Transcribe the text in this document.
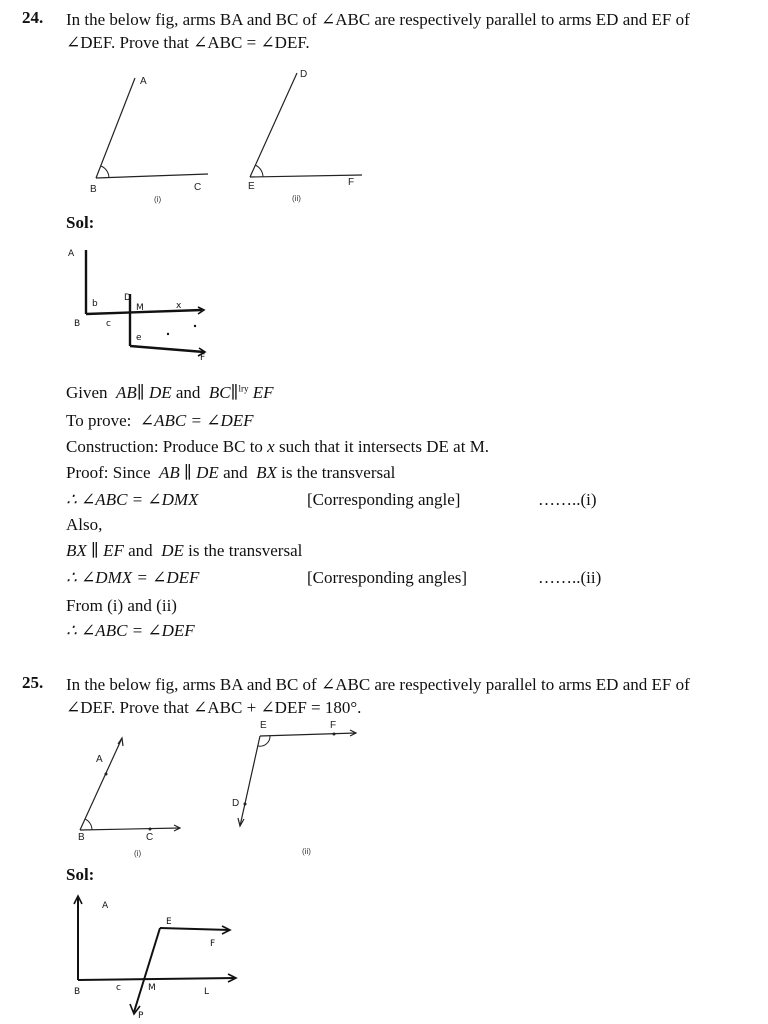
24. In the below fig, arms BA and BC of ∠ABC are respectively parallel to arms ED and EF of
∠DEF. Prove that ∠ABC = ∠DEF.
A
B	C
(i)
D
E	F
(ii)
Sol:
A
b
B	c
D
M	x
e
F
Given AB∥ DE and BC∥$^{lry}$ EF
To prove: ∠ABC = ∠DEF
Construction: Produce BC to x such that it intersects DE at M.
Proof: Since AB ∥ DE and BX is the transversal
∴ ∠ABC = ∠DMX	[Corresponding angle]	……..(i)
Also,
BX ∥ EF and DE is the transversal
∴ ∠DMX = ∠DEF	[Corresponding angles]	……..(ii)
From (i) and (ii)
∴ ∠ABC = ∠DEF
25. In the below fig, arms BA and BC of ∠ABC are respectively parallel to arms ED and EF of
∠DEF. Prove that ∠ABC + ∠DEF = 180°.
A
B	C
(i)
E	F
D
(ii)
Sol:
A
E
F
B	c	M	L
P
